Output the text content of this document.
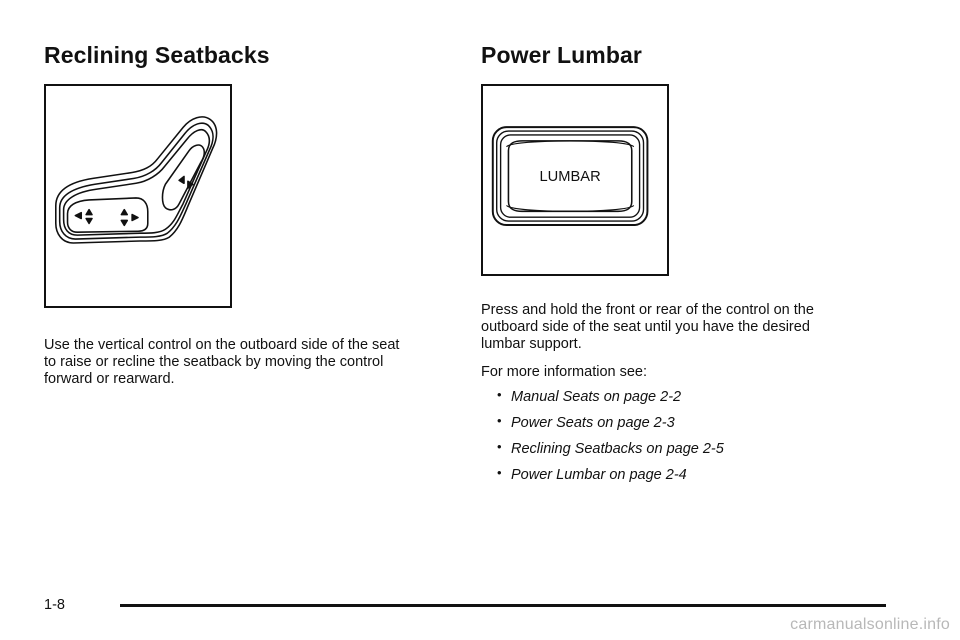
Reclining Seatbacks

Use the vertical control on the outboard side of the seat
to raise or recline the seatback by moving the control
forward or rearward.

Power Lumbar
LUMBAR

Press and hold the front or rear of the control on the
outboard side of the seat until you have the desired
lumbar support.

For more information see:

• Manual Seats on page 2-2
• Power Seats on page 2-3
• Reclining Seatbacks on page 2-5
• Power Lumbar on page 2-4
1-8
carmanualsonline.info
